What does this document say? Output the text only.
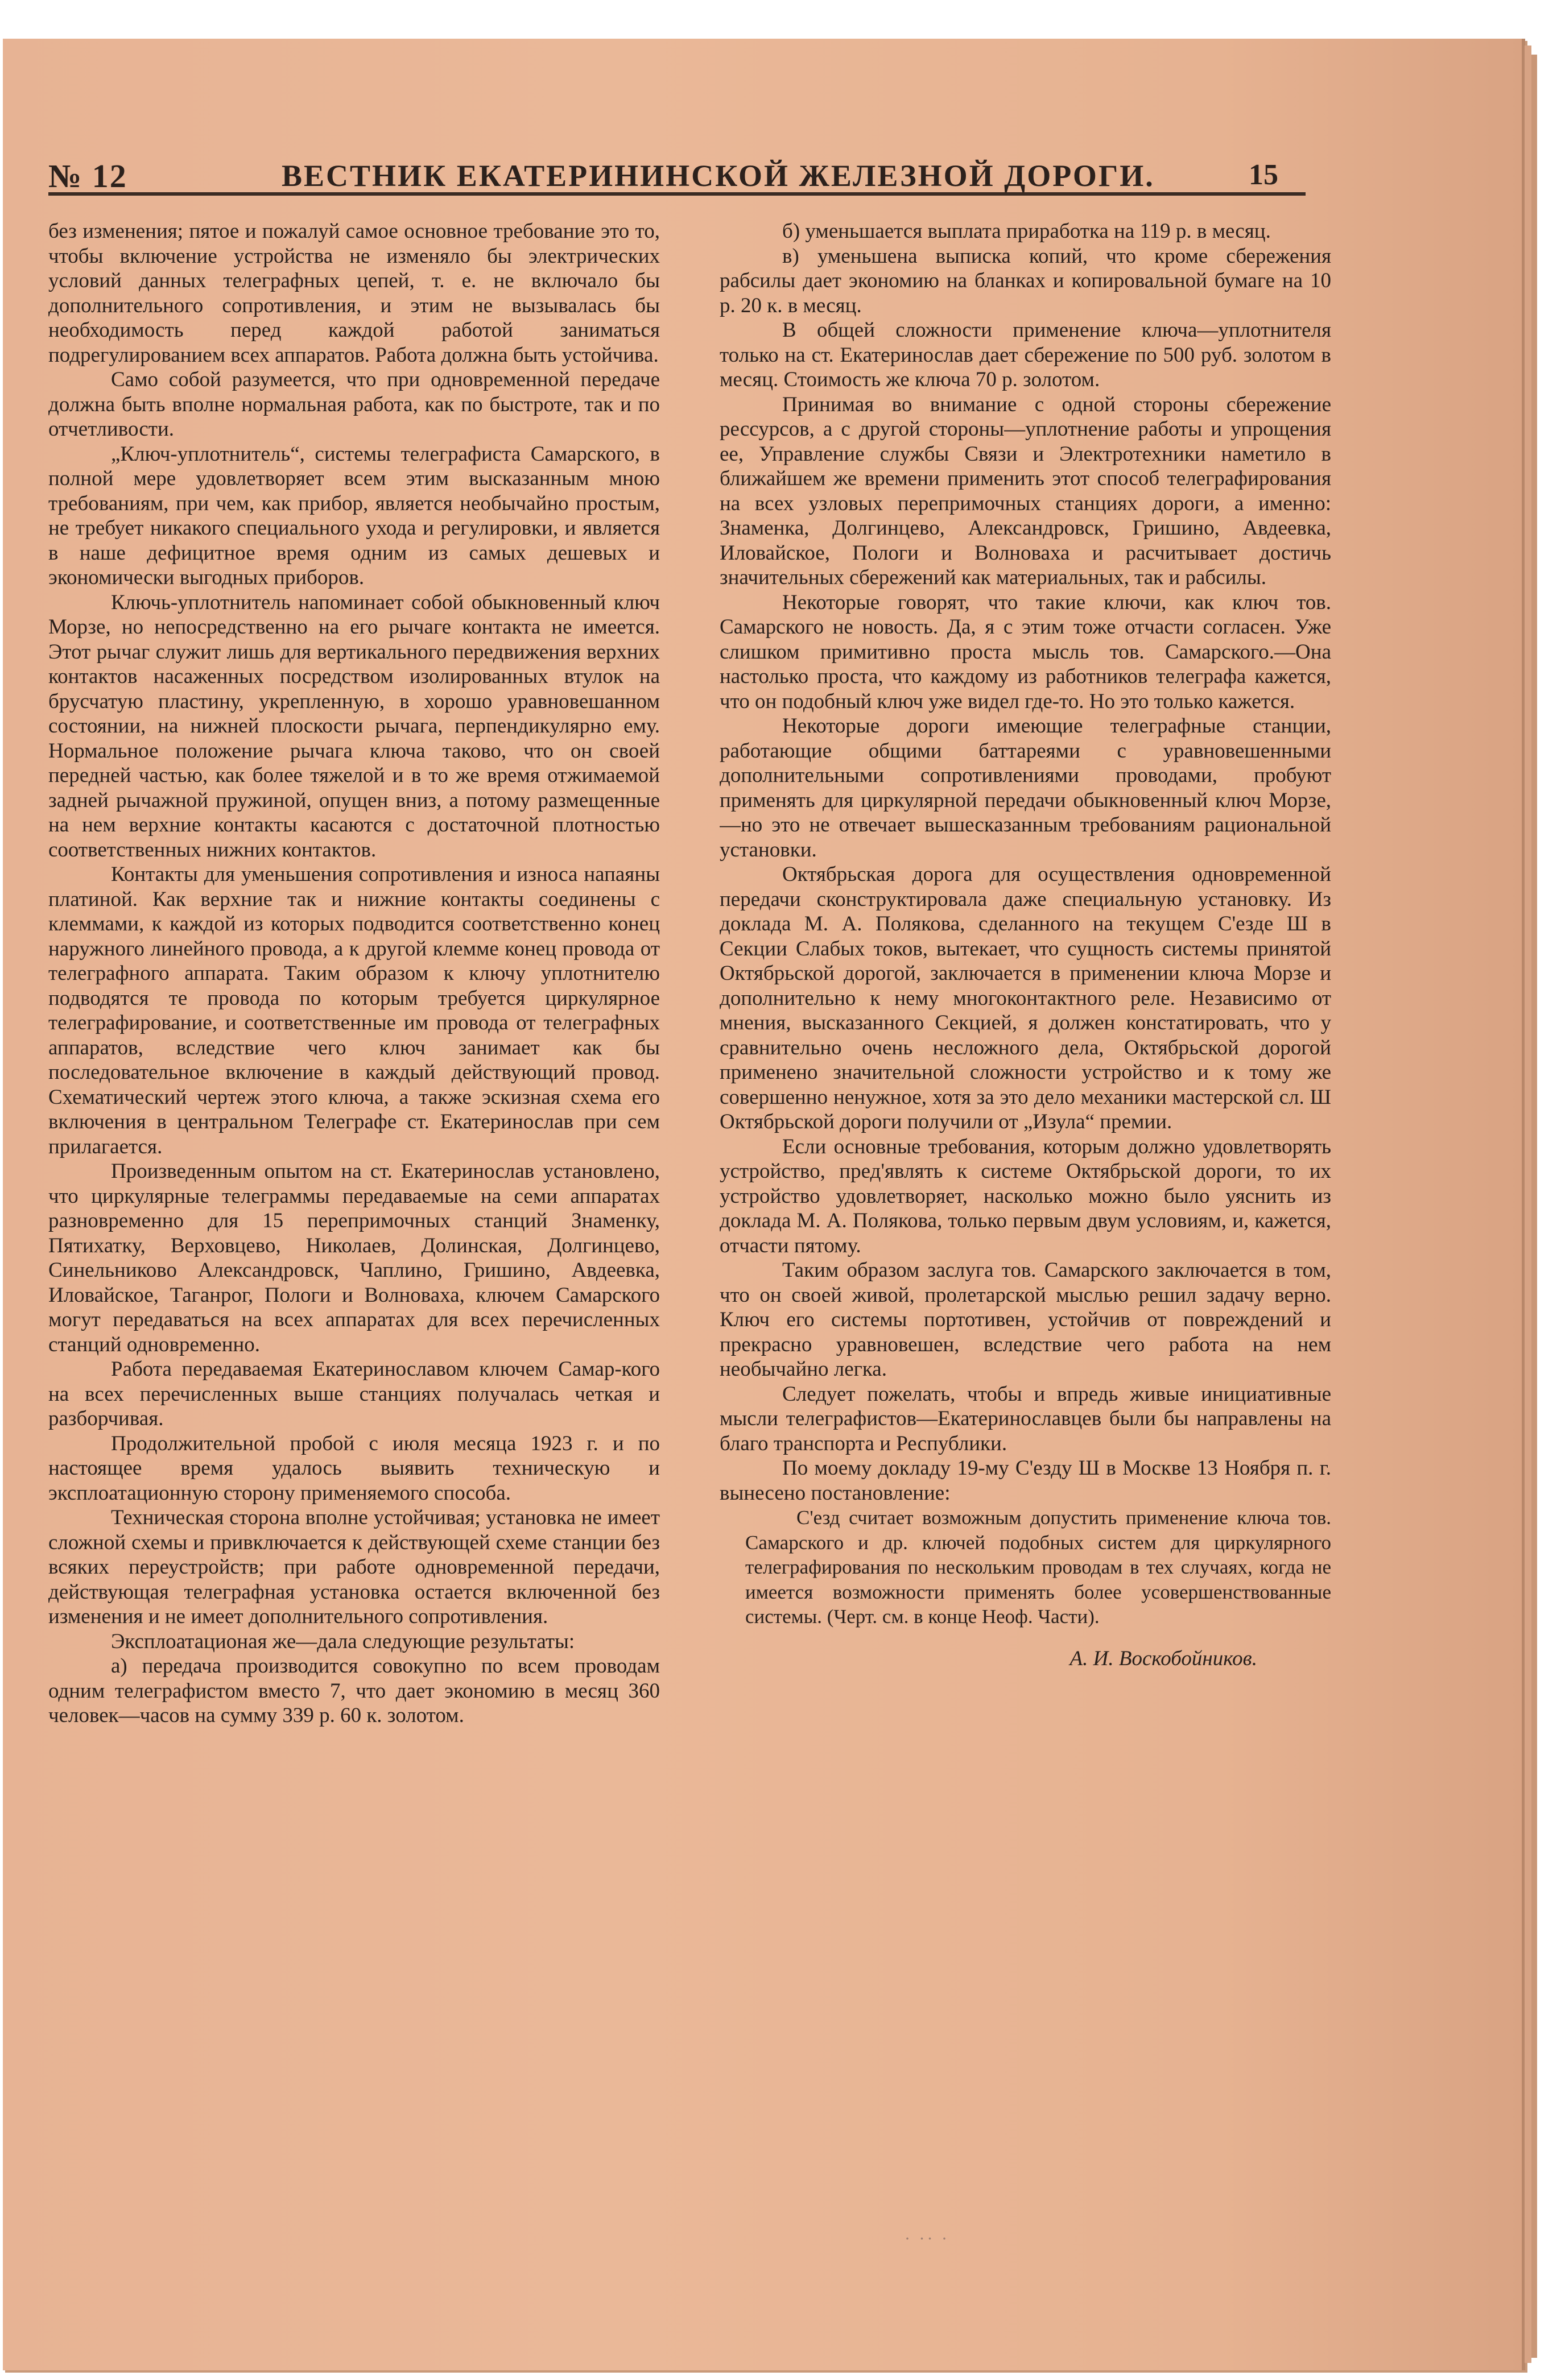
№ 12	ВЕСТНИК ЕКАТЕРИНИНСКОЙ ЖЕЛЕЗНОЙ ДОРОГИ.	15

без изменения; пятое и пожалуй самое основное требование это то, чтобы включение устройства не изменяло бы электрических условий данных телеграфных цепей, т. е. не включало бы дополнительного сопротивления, и этим не вызывалась бы необходимость перед каждой работой заниматься подрегулированием всех аппаратов. Работа должна быть устойчива.

Само собой разумеется, что при одновременной передаче должна быть вполне нормальная работа, как по быстроте, так и по отчетливости.

„Ключ-уплотнитель“, системы телеграфиста Самарского, в полной мере удовлетворяет всем этим высказанным мною требованиям, при чем, как прибор, является необычайно простым, не требует никакого специального ухода и регулировки, и является в наше дефицитное время одним из самых дешевых и экономически выгодных приборов.

Ключь-уплотнитель напоминает собой обыкновенный ключ Морзе, но непосредственно на его рычаге контакта не имеется. Этот рычаг служит лишь для вертикального передвижения верхних контактов насаженных посредством изолированных втулок на брусчатую пластину, укрепленную, в хорошо уравновешанном состоянии, на нижней плоскости рычага, перпендикулярно ему. Нормальное положение рычага ключа таково, что он своей передней частью, как более тяжелой и в то же время отжимаемой задней рычажной пружиной, опущен вниз, а потому размещенные на нем верхние контакты касаются с достаточной плотностью соответственных нижних контактов.

Контакты для уменьшения сопротивления и износа напаяны платиной. Как верхние так и нижние контакты соединены с клеммами, к каждой из которых подводится соответственно конец наружного линейного провода, а к другой клемме конец провода от телеграфного аппарата. Таким образом к ключу уплотнителю подводятся те провода по которым требуется циркулярное телеграфирование, и соответственные им провода от телеграфных аппаратов, вследствие чего ключ занимает как бы последовательное включение в каждый действующий провод. Схематический чертеж этого ключа, а также эскизная схема его включения в центральном Телеграфе ст. Екатеринослав при сем прилагается.

Произведенным опытом на ст. Екатеринослав установлено, что циркулярные телеграммы передаваемые на семи аппаратах разновременно для 15 перепримочных станций Знаменку, Пятихатку, Верховцево, Николаев, Долинская, Долгинцево, Синельниково Александровск, Чаплино, Гришино, Авдеевка, Иловайское, Таганрог, Пологи и Волноваха, ключем Самарского могут передаваться на всех аппаратах для всех перечисленных станций одновременно.

Работа передаваемая Екатеринославом ключем Самар-кого на всех перечисленных выше станциях получалась четкая и разборчивая.

Продолжительной пробой с июля месяца 1923 г. и по настоящее время удалось выявить техническую и эксплоатационную сторону применяемого способа.

Техническая сторона вполне устойчивая; установка не имеет сложной схемы и привключается к действующей схеме станции без всяких переустройств; при работе одновременной передачи, действующая телеграфная установка остается включенной без изменения и не имеет дополнительного сопротивления.

Эксплоатационая же—дала следующие результаты:

а) передача производится совокупно по всем проводам одним телеграфистом вместо 7, что дает экономию в месяц 360 человек—часов на сумму 339 р. 60 к. золотом.

б) уменьшается выплата приработка на 119 р. в месяц.

в) уменьшена выписка копий, что кроме сбережения рабсилы дает экономию на бланках и копировальной бумаге на 10 р. 20 к. в месяц.

В общей сложности применение ключа—уплотнителя только на ст. Екатеринослав дает сбережение по 500 руб. золотом в месяц. Стоимость же ключа 70 р. золотом.

Принимая во внимание с одной стороны сбережение рессурсов, а с другой стороны—уплотнение работы и упрощения ее, Управление службы Связи и Электротехники наметило в ближайшем же времени применить этот способ телеграфирования на всех узловых перепримочных станциях дороги, а именно: Знаменка, Долгинцево, Александровск, Гришино, Авдеевка, Иловайское, Пологи и Волноваха и расчитывает достичь значительных сбережений как материальных, так и рабсилы.

Некоторые говорят, что такие ключи, как ключ тов. Самарского не новость. Да, я с этим тоже отчасти согласен. Уже слишком примитивно проста мысль тов. Самарского.—Она настолько проста, что каждому из работников телеграфа кажется, что он подобный ключ уже видел где-то. Но это только кажется.

Некоторые дороги имеющие телеграфные станции, работающие общими баттареями с уравновешенными дополнительными сопротивлениями проводами, пробуют применять для циркулярной передачи обыкновенный ключ Морзе,—но это не отвечает вышесказанным требованиям рациональной установки.

Октябрьская дорога для осуществления одновременной передачи сконструктировала даже специальную установку. Из доклада М. А. Полякова, сделанного на текущем С'езде Ш в Секции Слабых токов, вытекает, что сущность системы принятой Октябрьской дорогой, заключается в применении ключа Морзе и дополнительно к нему многоконтактного реле. Независимо от мнения, высказанного Секцией, я должен констатировать, что у сравнительно очень несложного дела, Октябрьской дорогой применено значительной сложности устройство и к тому же совершенно ненужное, хотя за это дело механики мастерской сл. Ш Октябрьской дороги получили от „Изула“ премии.

Если основные требования, которым должно удовлетворять устройство, пред'являть к системе Октябрьской дороги, то их устройство удовлетворяет, насколько можно было уяснить из доклада М. А. Полякова, только первым двум условиям, и, кажется, отчасти пятому.

Таким образом заслуга тов. Самарского заключается в том, что он своей живой, пролетарской мыслью решил задачу верно. Ключ его системы портотивен, устойчив от повреждений и прекрасно уравновешен, вследствие чего работа на нем необычайно легка.

Следует пожелать, чтобы и впредь живые инициативные мысли телеграфистов—Екатеринославцев были бы направлены на благо транспорта и Республики.

По моему докладу 19-му С'езду Ш в Москве 13 Ноября п. г. вынесено постановление:

С'езд считает возможным допустить применение ключа тов. Самарского и др. ключей подобных систем для циркулярного телеграфирования по нескольким проводам в тех случаях, когда не имеется возможности применять более усовершенствованные системы. (Черт. см. в конце Неоф. Части).

А. И. Воскобойников.

· ·· ·
